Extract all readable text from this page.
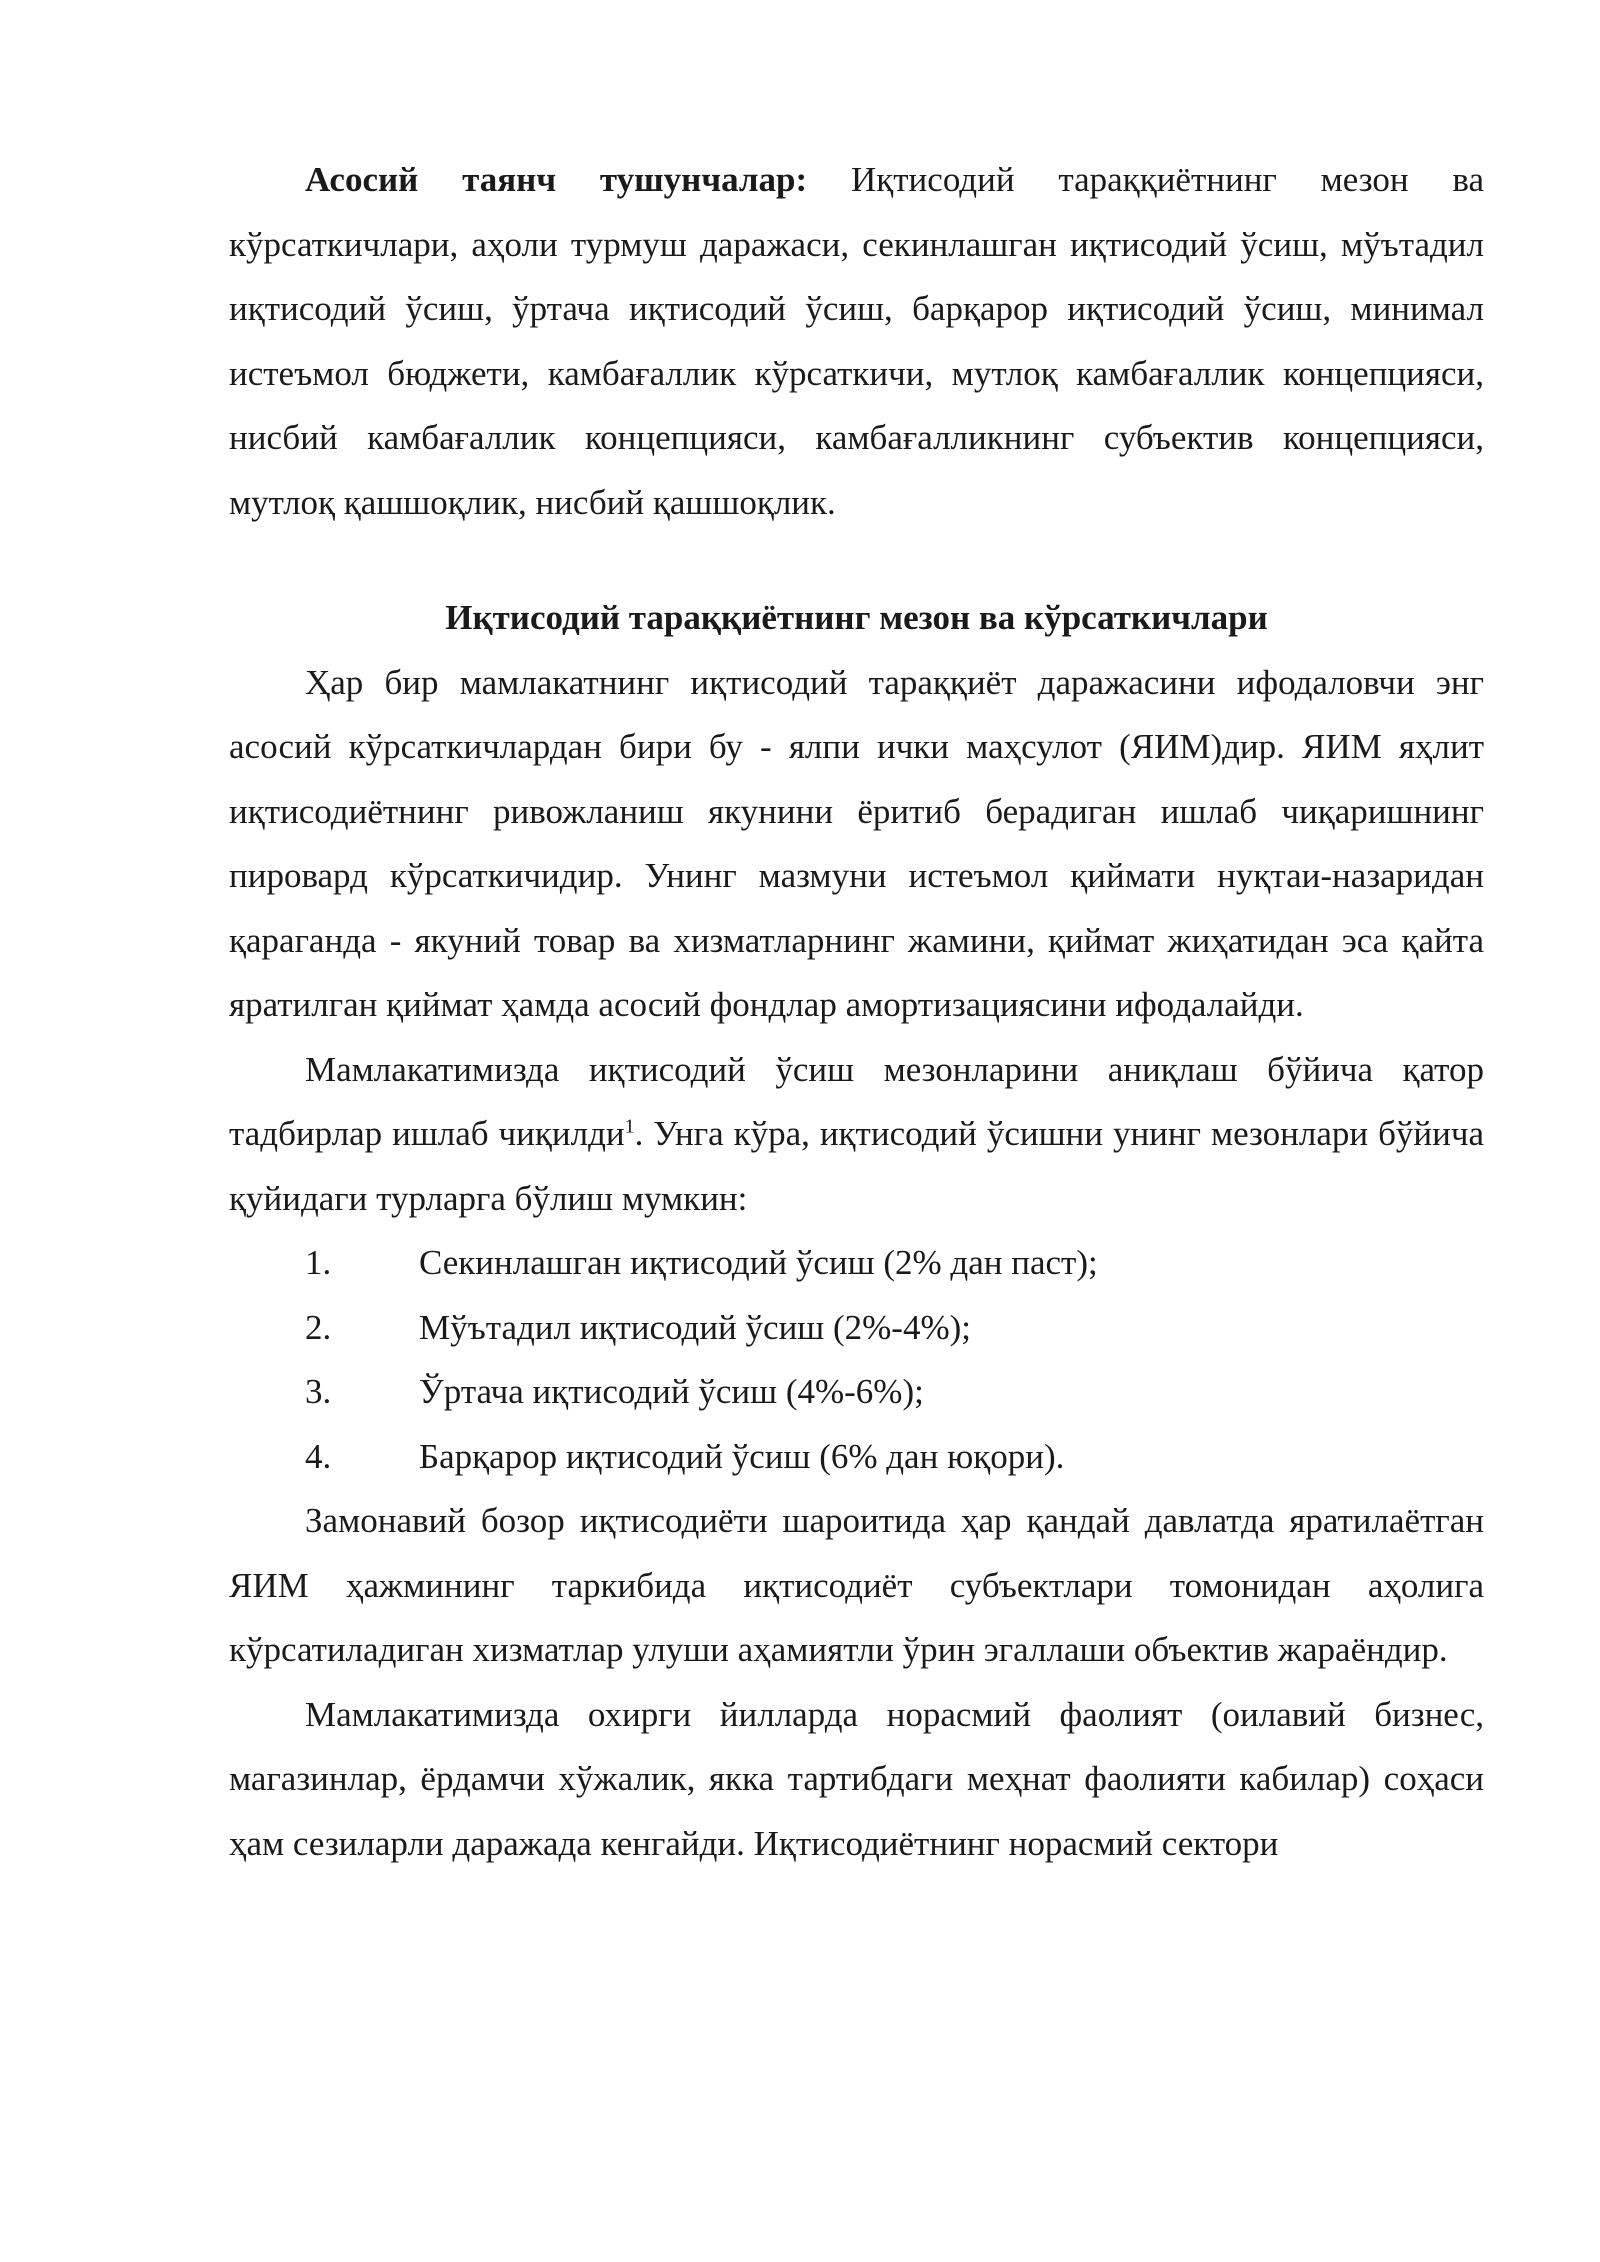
Асосий таянч тушунчалар: Иқтисодий тараққиётнинг мезон ва кўрсаткичлари, аҳоли турмуш даражаси, секинлашган иқтисодий ўсиш, мўътадил иқтисодий ўсиш, ўртача иқтисодий ўсиш, барқарор иқтисодий ўсиш, минимал истеъмол бюджети, камбағаллик кўрсаткичи, мутлоқ камбағаллик концепцияси, нисбий камбағаллик концепцияси, камбағалликнинг субъектив концепцияси, мутлоқ қашшоқлик, нисбий қашшоқлик.

Иқтисодий тараққиётнинг мезон ва кўрсаткичлари

Ҳар бир мамлакатнинг иқтисодий тараққиёт даражасини ифодаловчи энг асосий кўрсаткичлардан бири бу - ялпи ички маҳсулот (ЯИМ)дир. ЯИМ яҳлит иқтисодиётнинг ривожланиш якунини ёритиб берадиган ишлаб чиқаришнинг пировард кўрсаткичидир. Унинг мазмуни истеъмол қиймати нуқтаи-назаридан қараганда - якуний товар ва хизматларнинг жамини, қиймат жиҳатидан эса қайта яратилган қиймат ҳамда асосий фондлар амортизациясини ифодалайди.

Мамлакатимизда иқтисодий ўсиш мезонларини аниқлаш бўйича қатор тадбирлар ишлаб чиқилди$^1$. Унга кўра, иқтисодий ўсишни унинг мезонлари бўйича қуйидаги турларга бўлиш мумкин:

1.	Секинлашган иқтисодий ўсиш (2% дан паст);
2.	Мўътадил иқтисодий ўсиш (2%-4%);
3.	Ўртача иқтисодий ўсиш (4%-6%);
4.	Барқарор иқтисодий ўсиш (6% дан юқори).

Замонавий бозор иқтисодиёти шароитида ҳар қандай давлатда яратилаётган ЯИМ ҳажмининг таркибида иқтисодиёт субъектлари томонидан аҳолига кўрсатиладиган хизматлар улуши аҳамиятли ўрин эгаллаши объектив жараёндир.

Мамлакатимизда охирги йилларда норасмий фаолият (оилавий бизнес, магазинлар, ёрдамчи хўжалик, якка тартибдаги меҳнат фаолияти кабилар) соҳаси ҳам сезиларли даражада кенгайди. Иқтисодиётнинг норасмий сектори
